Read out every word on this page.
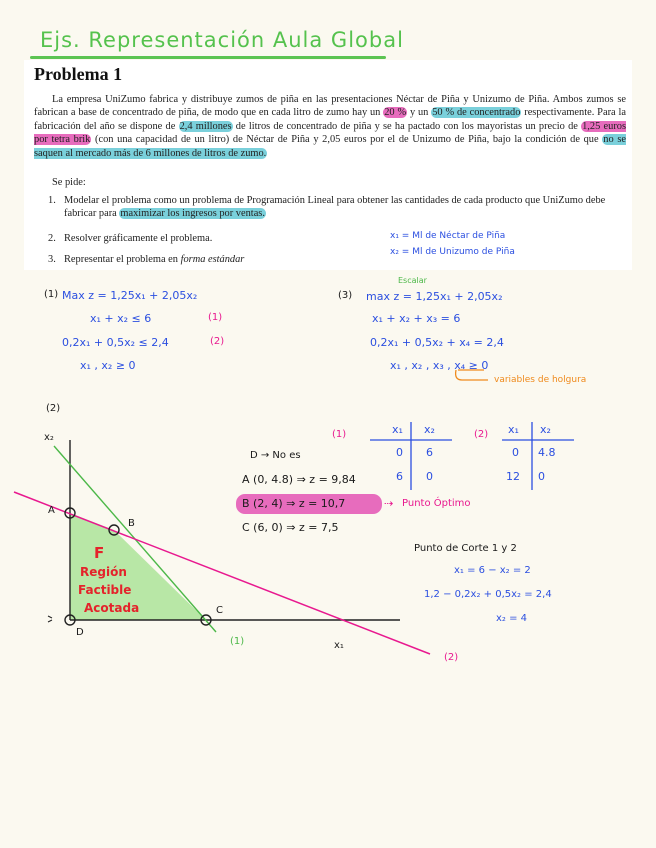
Ejs. Representación Aula Global
Problema 1

La empresa UniZumo fabrica y distribuye zumos de piña en las presentaciones Néctar de Piña y Unizumo de Piña. Ambos zumos se fabrican a base de concentrado de piña, de modo que en cada litro de zumo hay un 20 % y un 50 % de concentrado respectivamente. Para la fabricación del año se dispone de 2,4 millones de litros de concentrado de piña y se ha pactado con los mayoristas un precio de 1,25 euros por tetra brik (con una capacidad de un litro) de Néctar de Piña y 2,05 euros por el de Unizumo de Piña, bajo la condición de que no se saquen al mercado más de 6 millones de litros de zumo.

Se pide:
1. Modelar el problema como un problema de Programación Lineal para obtener las cantidades de cada producto que UniZumo debe fabricar para maximizar los ingresos por ventas.
2. Resolver gráficamente el problema.
3. Representar el problema en forma estándar
x₁ = Ml de Néctar de Piña
x₂ = Ml de Unizumo de Piña
(1) Max z = 1,25x₁ + 2,05x₂
x₁ + x₂ ≤ 6	(1)
0,2x₁ + 0,5x₂ ≤ 2,4	(2)
x₁ , x₂ ≥ 0
(3)
Escalar
max z = 1,25x₁ + 2,05x₂
x₁ + x₂ + x₃ = 6
0,2x₁ + 0,5x₂ + x₄ = 2,4
x₁ , x₂ , x₃ , x₄ ≥ 0
variables de holgura
(2)
x₂
x₁
A
B
C
D
(1)
(2)
F
Región
Factible
Acotada
D → No es
A (0, 4.8) ⇒ z = 9,84
B (2, 4) ⇒ z = 10,7	⇢ Punto Óptimo
C (6, 0) ⇒ z = 7,5
(1)	x₁ x₂
0 6
6 0
(2) x₁ x₂
0 4.8
12 0
Punto de Corte 1 y 2
x₁ = 6 − x₂ = 2
1,2 − 0,2x₂ + 0,5x₂ = 2,4
x₂ = 4
